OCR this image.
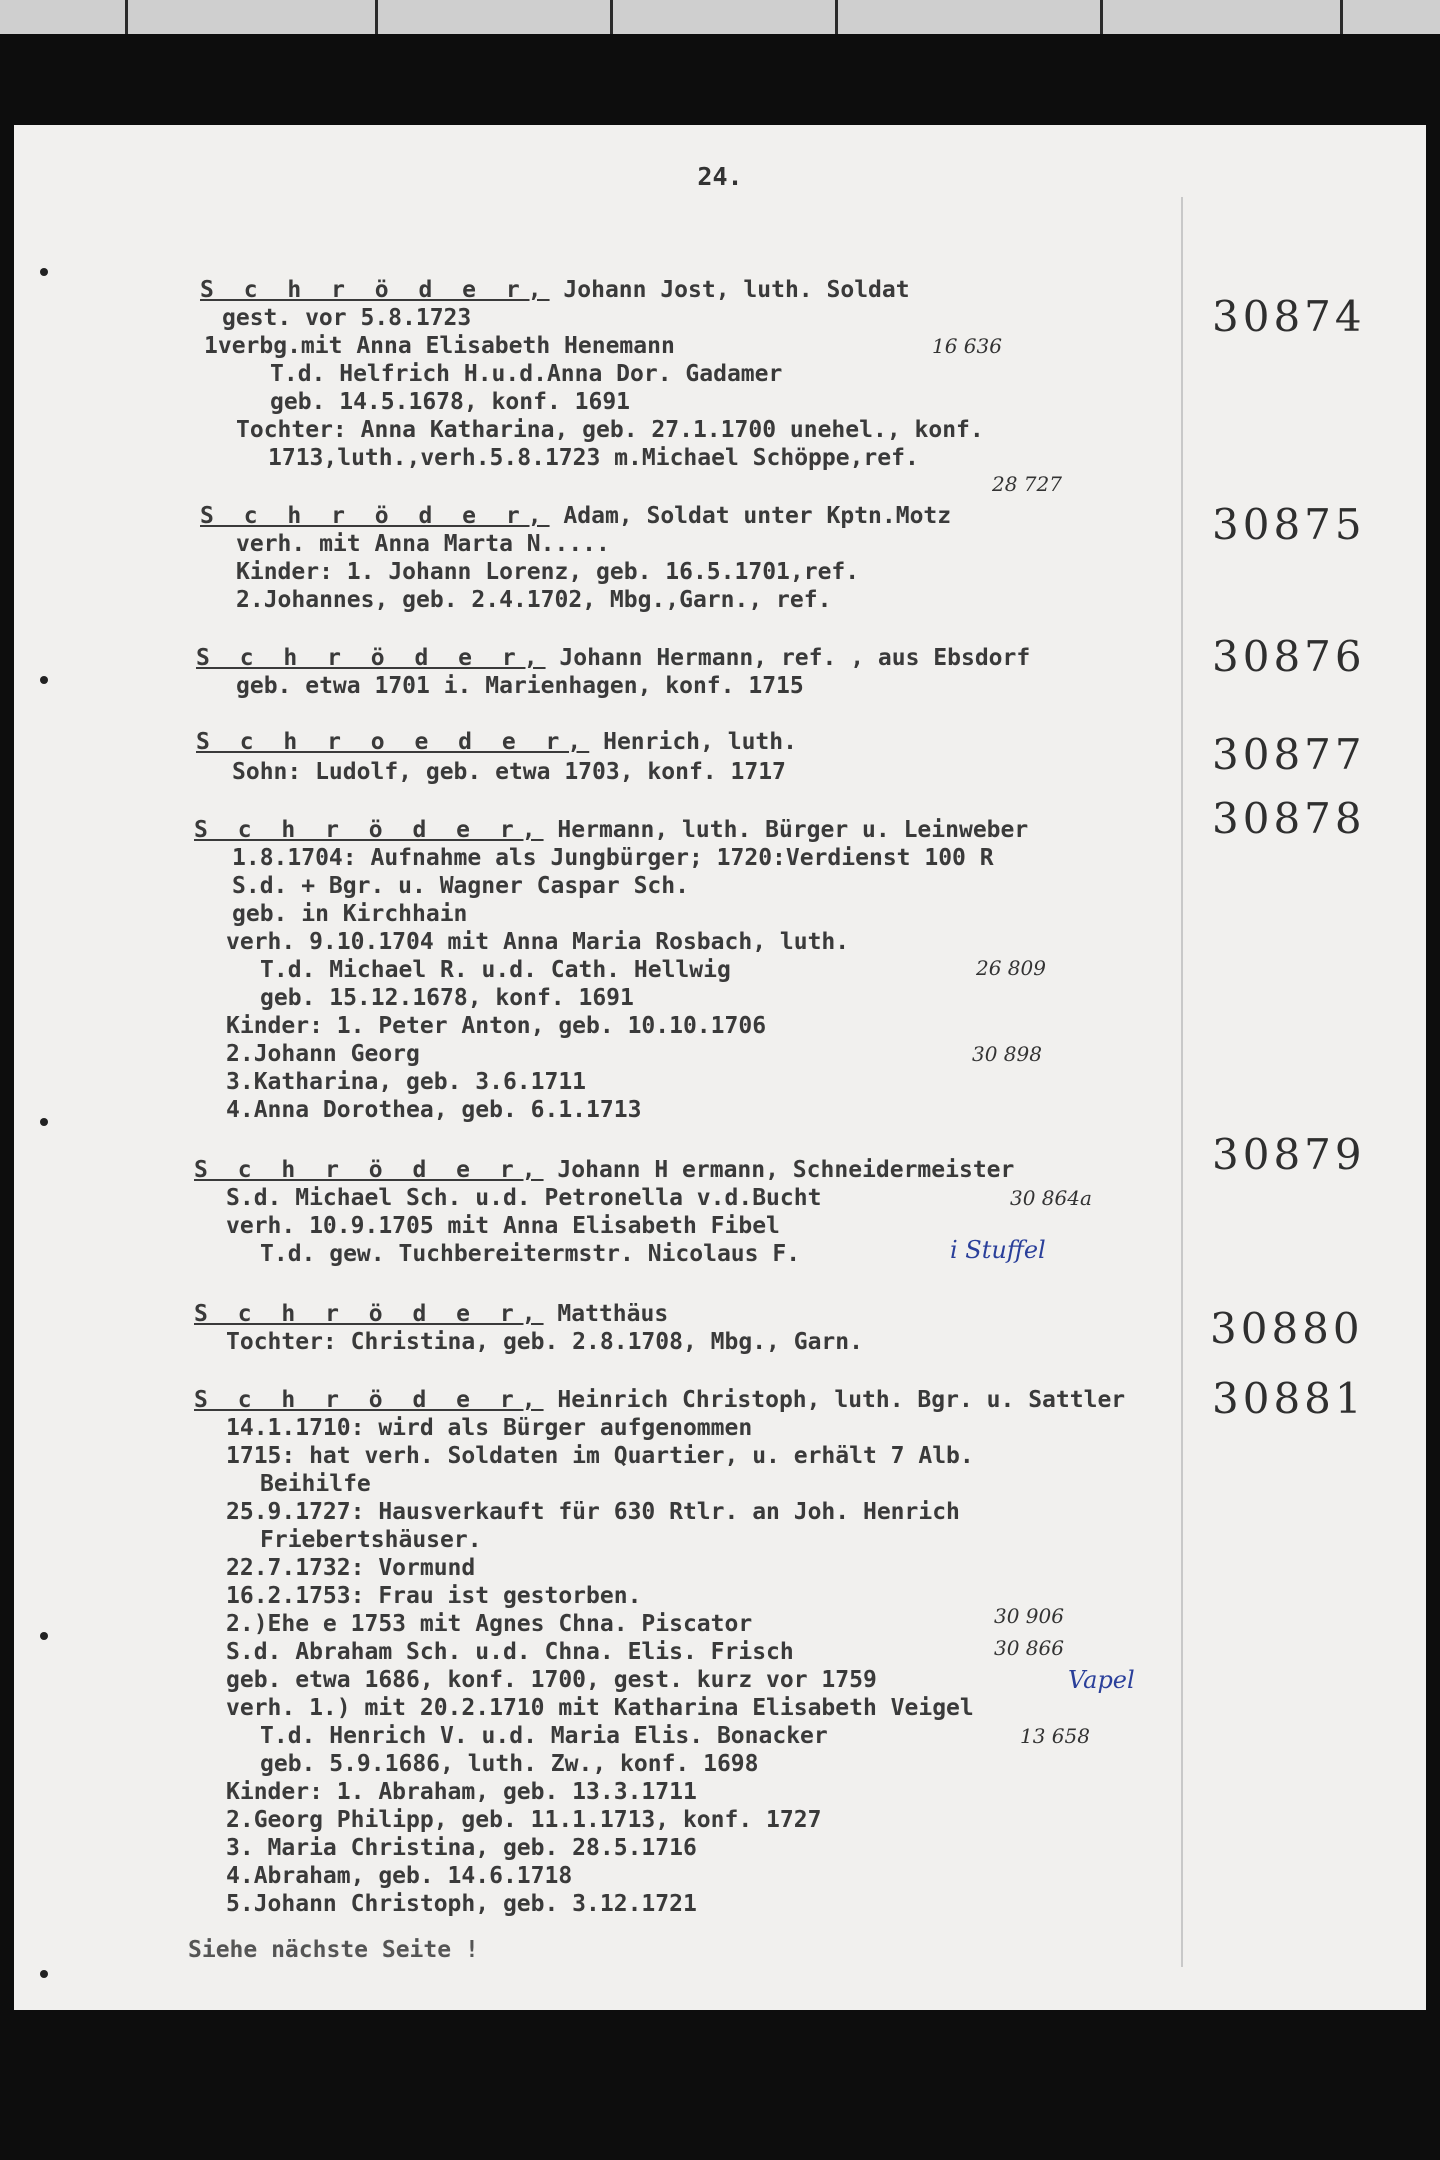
24.
S c h r ö d e r, Johann Jost, luth. Soldat
gest. vor 5.8.1723
1verbg.mit Anna Elisabeth Henemann
T.d. Helfrich H.u.d.Anna Dor. Gadamer
geb. 14.5.1678, konf. 1691
Tochter: Anna Katharina, geb. 27.1.1700 unehel., konf.
1713,luth.,verh.5.8.1723 m.Michael Schöppe,ref.
16 636
28 727
30874
S c h r ö d e r, Adam, Soldat unter Kptn.Motz
verh. mit Anna Marta N.....
Kinder: 1. Johann Lorenz, geb. 16.5.1701,ref.
2.Johannes, geb. 2.4.1702, Mbg.,Garn., ref.
30875
S c h r ö d e r, Johann Hermann, ref. , aus Ebsdorf
geb. etwa 1701 i. Marienhagen, konf. 1715
30876
S c h r o e d e r, Henrich, luth.
Sohn: Ludolf, geb. etwa 1703, konf. 1717	30877
S c h r ö d e r, Hermann, luth. Bürger u. Leinweber
1.8.1704: Aufnahme als Jungbürger; 1720:Verdienst 100 R
S.d. + Bgr. u. Wagner Caspar Sch.
geb. in Kirchhain
verh. 9.10.1704 mit Anna Maria Rosbach, luth.
T.d. Michael R. u.d. Cath. Hellwig
geb. 15.12.1678, konf. 1691
Kinder: 1. Peter Anton, geb. 10.10.1706
2.Johann Georg
3.Katharina, geb. 3.6.1711
4.Anna Dorothea, geb. 6.1.1713
26 809
30 898
30878
S c h r ö d e r, Johann H ermann, Schneidermeister
S.d. Michael Sch. u.d. Petronella v.d.Bucht
verh. 10.9.1705 mit Anna Elisabeth Fibel
T.d. gew. Tuchbereitermstr. Nicolaus F.
30 864a
i Stuffel
30879
S c h r ö d e r, Matthäus
Tochter: Christina, geb. 2.8.1708, Mbg., Garn.	30880
S c h r ö d e r, Heinrich Christoph, luth. Bgr. u. Sattler
14.1.1710: wird als Bürger aufgenommen
1715: hat verh. Soldaten im Quartier, u. erhält 7 Alb.
Beihilfe
25.9.1727: Hausverkauft für 630 Rtlr. an Joh. Henrich
Friebertshäuser.
22.7.1732: Vormund
16.2.1753: Frau ist gestorben.
2.)Ehe e 1753 mit Agnes Chna. Piscator
S.d. Abraham Sch. u.d. Chna. Elis. Frisch
geb. etwa 1686, konf. 1700, gest. kurz vor 1759
verh. 1.) mit 20.2.1710 mit Katharina Elisabeth Veigel
T.d. Henrich V. u.d. Maria Elis. Bonacker
geb. 5.9.1686, luth. Zw., konf. 1698
Kinder: 1. Abraham, geb. 13.3.1711
2.Georg Philipp, geb. 11.1.1713, konf. 1727
3. Maria Christina, geb. 28.5.1716
4.Abraham, geb. 14.6.1718
5.Johann Christoph, geb. 3.12.1721
30 906
30 866
Vapel
13 658
30881
Siehe nächste Seite !
